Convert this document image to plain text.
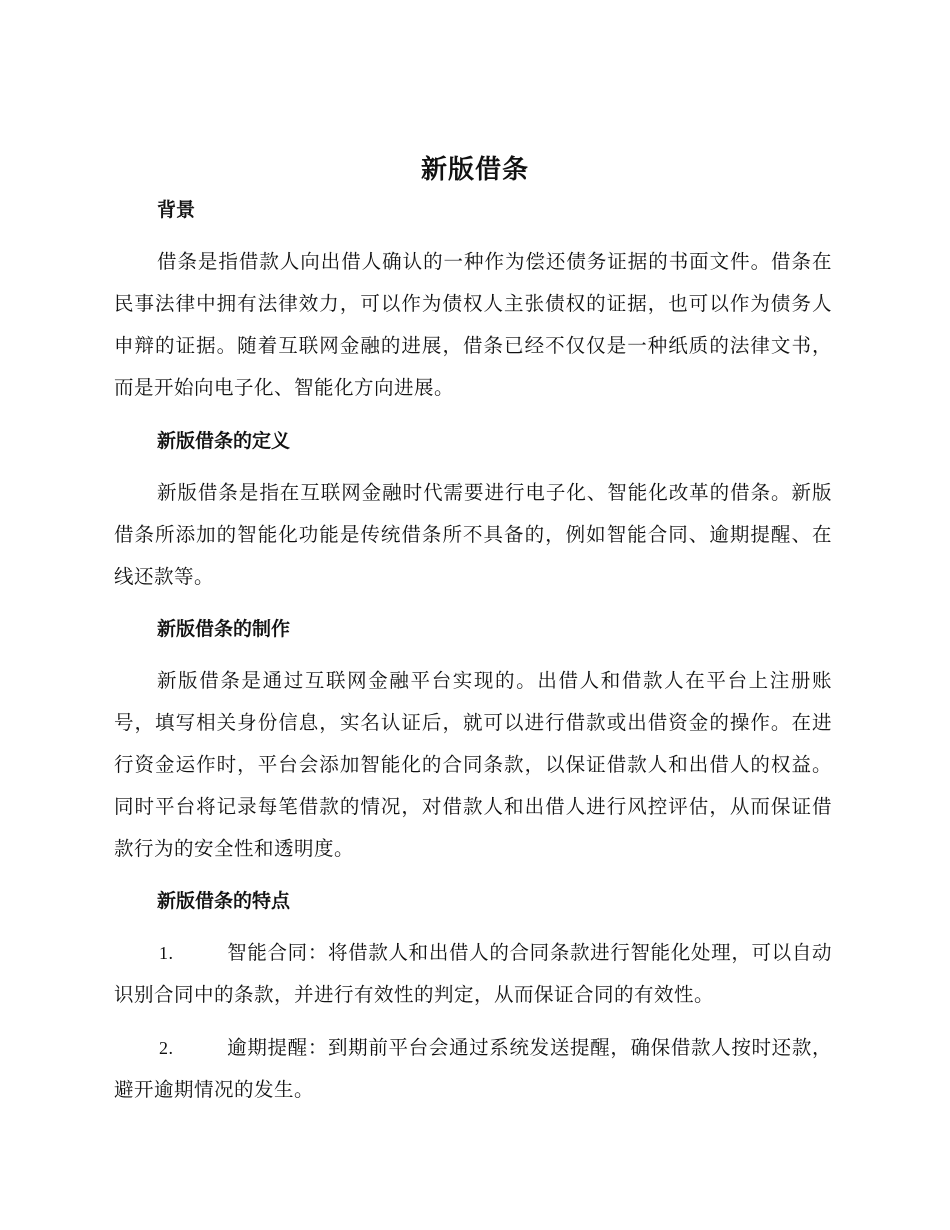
新版借条
背景

借条是指借款人向出借人确认的一种作为偿还债务证据的书面文件。借条在民事法律中拥有法律效力，可以作为债权人主张债权的证据，也可以作为债务人申辩的证据。随着互联网金融的进展，借条已经不仅仅是一种纸质的法律文书，而是开始向电子化、智能化方向进展。

新版借条的定义

新版借条是指在互联网金融时代需要进行电子化、智能化改革的借条。新版借条所添加的智能化功能是传统借条所不具备的，例如智能合同、逾期提醒、在线还款等。

新版借条的制作

新版借条是通过互联网金融平台实现的。出借人和借款人在平台上注册账号，填写相关身份信息，实名认证后，就可以进行借款或出借资金的操作。在进行资金运作时，平台会添加智能化的合同条款，以保证借款人和出借人的权益。同时平台将记录每笔借款的情况，对借款人和出借人进行风控评估，从而保证借款行为的安全性和透明度。

新版借条的特点

1.	智能合同：将借款人和出借人的合同条款进行智能化处理，可以自动识别合同中的条款，并进行有效性的判定，从而保证合同的有效性。

2.	逾期提醒：到期前平台会通过系统发送提醒，确保借款人按时还款，避开逾期情况的发生。
